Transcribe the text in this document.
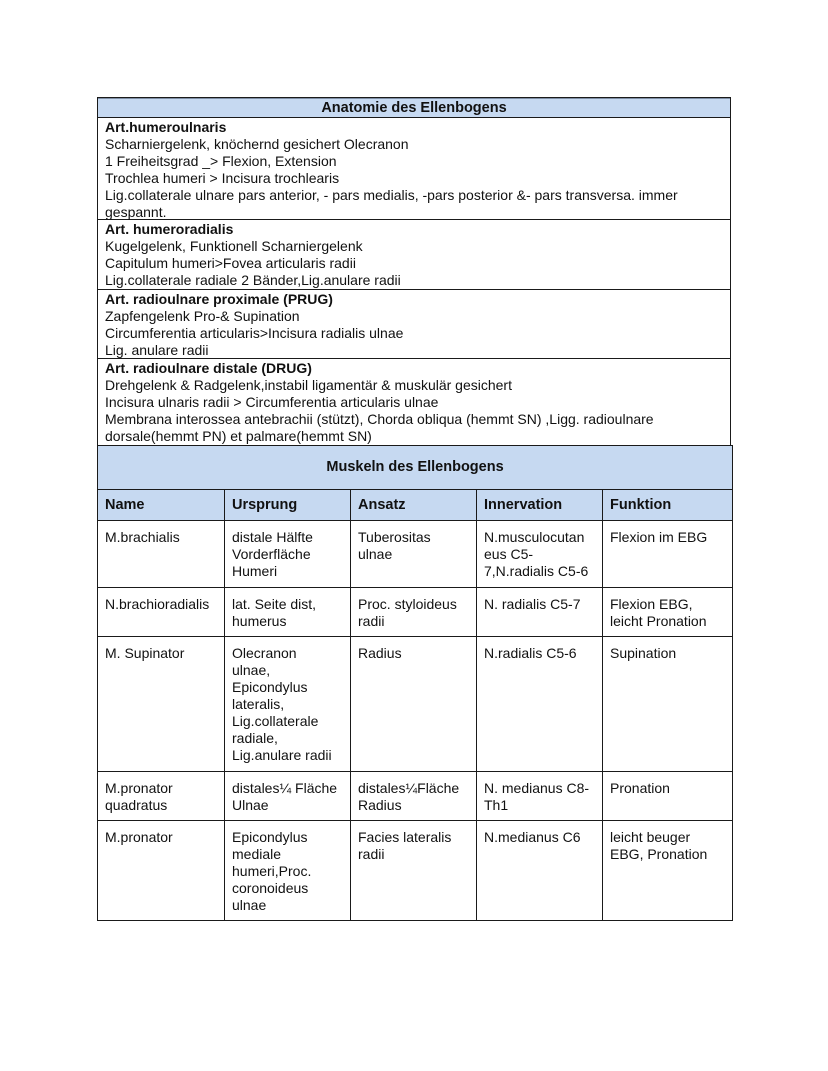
Anatomie des Ellenbogens
Art.humeroulnaris
Scharniergelenk, knöchernd gesichert Olecranon
1 Freiheitsgrad _> Flexion, Extension
Trochlea humeri > Incisura trochlearis
Lig.collaterale ulnare pars anterior, - pars medialis, -pars posterior &- pars transversa. immer
gespannt.
Art. humeroradialis
Kugelgelenk, Funktionell Scharniergelenk
Capitulum humeri>Fovea articularis radii
Lig.collaterale radiale 2 Bänder,Lig.anulare radii
Art. radioulnare proximale (PRUG)
Zapfengelenk Pro-& Supination
Circumferentia articularis>Incisura radialis ulnae
Lig. anulare radii
Art. radioulnare distale (DRUG)
Drehgelenk & Radgelenk,instabil ligamentär & muskulär gesichert
Incisura ulnaris radii > Circumferentia articularis ulnae
Membrana interossea antebrachii (stützt), Chorda obliqua (hemmt SN) ,Ligg. radioulnare
dorsale(hemmt PN) et palmare(hemmt SN)
Muskeln des Ellenbogens				
Name	Ursprung	Ansatz	Innervation	Funktion

M.brachialis	distale Hälfte
Vorderfläche
Humeri	Tuberositas
ulnae	N.musculocutan
eus C5-
7,N.radialis C5-6	Flexion im EBG

N.brachioradialis	lat. Seite dist,
humerus	Proc. styloideus
radii	N. radialis C5-7	Flexion EBG,
leicht Pronation

M. Supinator	Olecranon
ulnae,
Epicondylus
lateralis,
Lig.collaterale
radiale,
Lig.anulare radii

Radius	N.radialis C5-6	Supination

M.pronator
quadratus	distales¼ Fläche
Ulnae	distales¼Fläche
Radius	N. medianus C8-
Th1	Pronation

M.pronator	Epicondylus
mediale
humeri,Proc.
coronoideus
ulnae	Facies lateralis
radii	N.medianus C6	leicht beuger
EBG, Pronation
